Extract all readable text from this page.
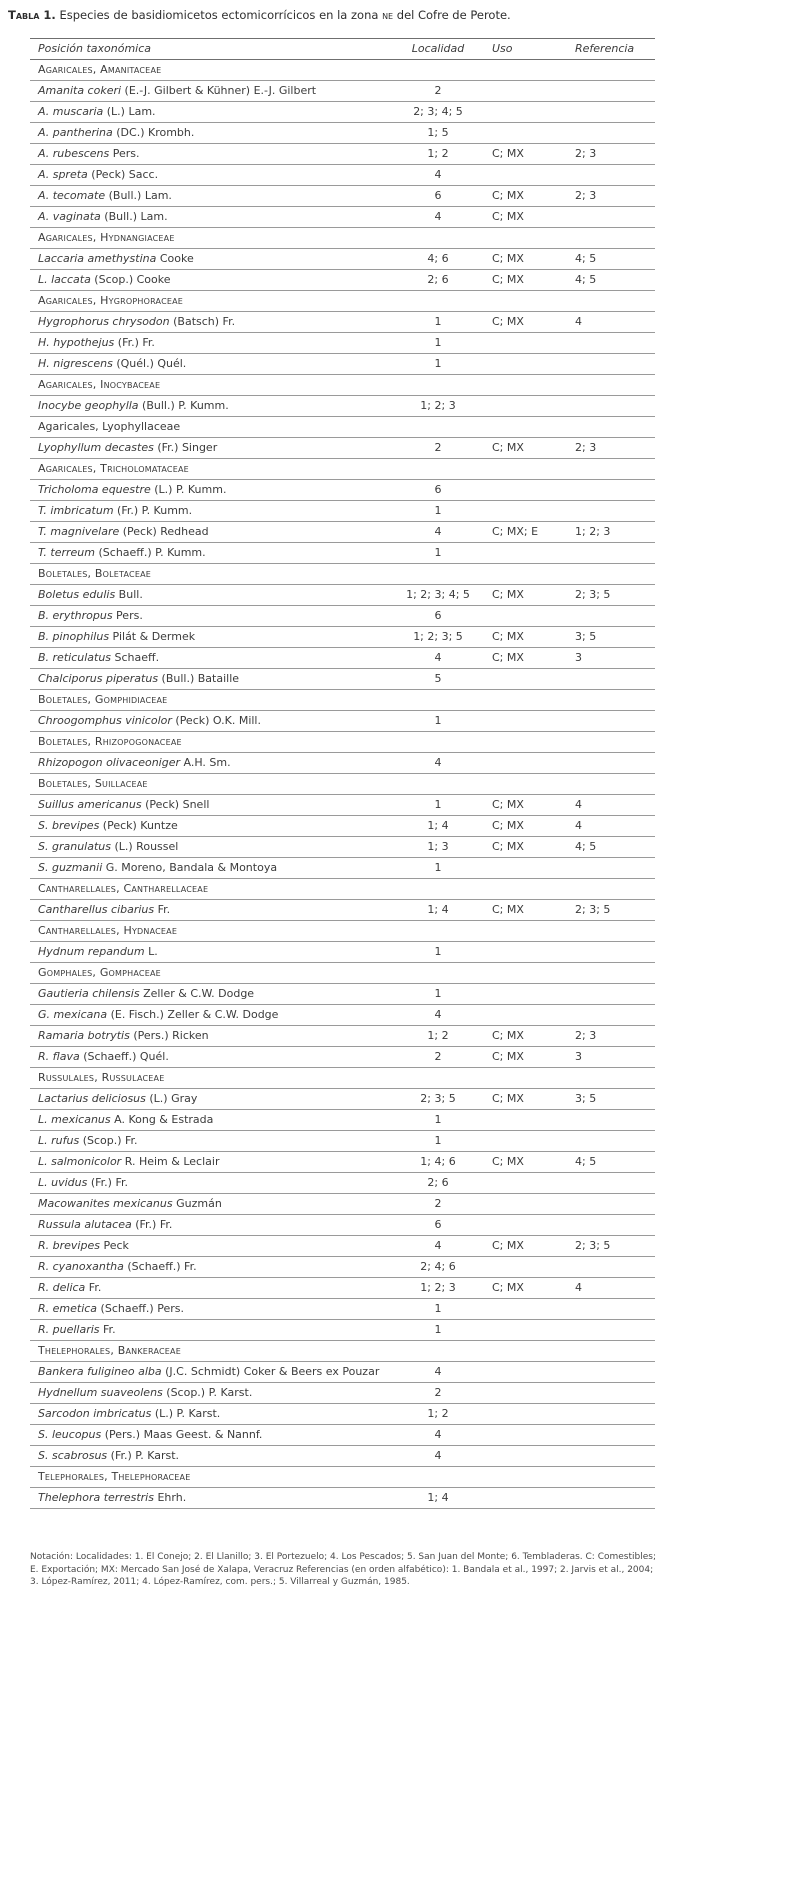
Tabla 1. Especies de basidiomicetos ectomicorrícicos en la zona ne del Cofre de Perote.

Posición taxonómica	Localidad	Uso	Referencia
Agaricales, Amanitaceae			
Amanita cokeri (E.-J. Gilbert & Kühner) E.-J. Gilbert	2		
A. muscaria (L.) Lam.	2; 3; 4; 5		
A. pantherina (DC.) Krombh.	1; 5		
A. rubescens Pers.	1; 2	C; MX	2; 3
A. spreta (Peck) Sacc.	4		
A. tecomate (Bull.) Lam.	6	C; MX	2; 3
A. vaginata (Bull.) Lam.	4	C; MX	
Agaricales, Hydnangiaceae			
Laccaria amethystina Cooke	4; 6	C; MX	4; 5
L. laccata (Scop.) Cooke	2; 6	C; MX	4; 5
Agaricales, Hygrophoraceae			
Hygrophorus chrysodon (Batsch) Fr.	1	C; MX	4
H. hypothejus (Fr.) Fr.	1		
H. nigrescens (Quél.) Quél.	1		
Agaricales, Inocybaceae			
Inocybe geophylla (Bull.) P. Kumm.	1; 2; 3		
Agaricales, Lyophyllaceae			
Lyophyllum decastes (Fr.) Singer	2	C; MX	2; 3
Agaricales, Tricholomataceae			
Tricholoma equestre (L.) P. Kumm.	6		
T. imbricatum (Fr.) P. Kumm.	1		
T. magnivelare (Peck) Redhead	4	C; MX; E	1; 2; 3
T. terreum (Schaeff.) P. Kumm.	1		
Boletales, Boletaceae			
Boletus edulis Bull.	1; 2; 3; 4; 5	C; MX	2; 3; 5
B. erythropus Pers.	6		
B. pinophilus Pilát & Dermek	1; 2; 3; 5	C; MX	3; 5
B. reticulatus Schaeff.	4	C; MX	3
Chalciporus piperatus (Bull.) Bataille	5		
Boletales, Gomphidiaceae			
Chroogomphus vinicolor (Peck) O.K. Mill.	1		
Boletales, Rhizopogonaceae			
Rhizopogon olivaceoniger A.H. Sm.	4		
Boletales, Suillaceae			
Suillus americanus (Peck) Snell	1	C; MX	4
S. brevipes (Peck) Kuntze	1; 4	C; MX	4
S. granulatus (L.) Roussel	1; 3	C; MX	4; 5
S. guzmanii G. Moreno, Bandala & Montoya	1		
Cantharellales, Cantharellaceae			
Cantharellus cibarius Fr.	1; 4	C; MX	2; 3; 5
Cantharellales, Hydnaceae			
Hydnum repandum L.	1		
Gomphales, Gomphaceae			
Gautieria chilensis Zeller & C.W. Dodge	1		
G. mexicana (E. Fisch.) Zeller & C.W. Dodge	4		
Ramaria botrytis (Pers.) Ricken	1; 2	C; MX	2; 3
R. flava (Schaeff.) Quél.	2	C; MX	3
Russulales, Russulaceae			
Lactarius deliciosus (L.) Gray	2; 3; 5	C; MX	3; 5
L. mexicanus A. Kong & Estrada	1		
L. rufus (Scop.) Fr.	1		
L. salmonicolor R. Heim & Leclair	1; 4; 6	C; MX	4; 5
L. uvidus (Fr.) Fr.	2; 6		
Macowanites mexicanus Guzmán	2		
Russula alutacea (Fr.) Fr.	6		
R. brevipes Peck	4	C; MX	2; 3; 5
R. cyanoxantha (Schaeff.) Fr.	2; 4; 6		
R. delica Fr.	1; 2; 3	C; MX	4
R. emetica (Schaeff.) Pers.	1		
R. puellaris Fr.	1		
Thelephorales, Bankeraceae			
Bankera fuligineo alba (J.C. Schmidt) Coker & Beers ex Pouzar	4		
Hydnellum suaveolens (Scop.) P. Karst.	2		
Sarcodon imbricatus (L.) P. Karst.	1; 2		
S. leucopus (Pers.) Maas Geest. & Nannf.	4		
S. scabrosus (Fr.) P. Karst.	4		
Telephorales, Thelephoraceae			
Thelephora terrestris Ehrh.	1; 4		

Notación: Localidades: 1. El Conejo; 2. El Llanillo; 3. El Portezuelo; 4. Los Pescados; 5. San Juan del Monte; 6. Tembladeras. C: Comestibles; E. Exportación; MX: Mercado San José de Xalapa, Veracruz Referencias (en orden alfabético): 1. Bandala et al., 1997; 2. Jarvis et al., 2004; 3. López-Ramírez, 2011; 4. López-Ramírez, com. pers.; 5. Villarreal y Guzmán, 1985.
